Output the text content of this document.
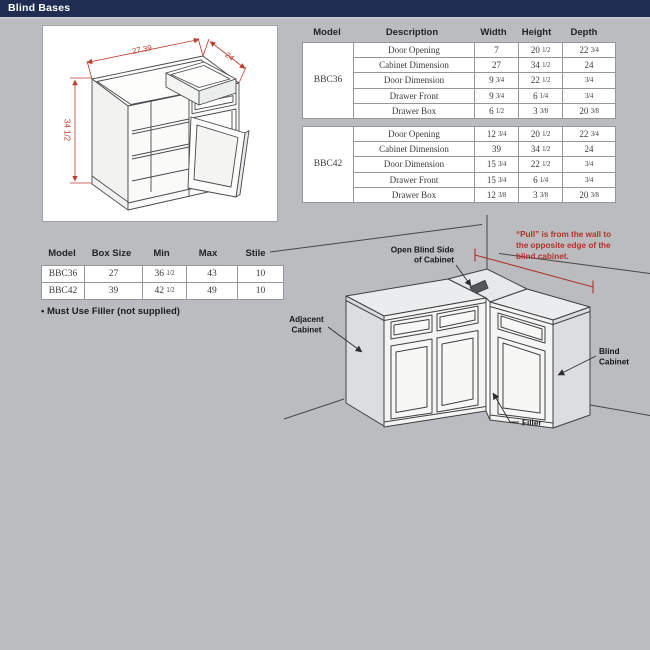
Blind Bases
27.39
24
34 1/2
Model	Description	Width	Height	Depth
BBC36	Door Opening	7	20 1/2	22 3/4
	Cabinet Dimension	27	34 1/2	24
	Door Dimension	9 3/4	22 1/2	3/4
	Drawer Front	9 3/4	6 1/4	3/4
	Drawer Box	6 1/2	3 3/8	20 3/8
BBC42	Door Opening	12 3/4	20 1/2	22 3/4
	Cabinet Dimension	39	34 1/2	24
	Door Dimension	15 3/4	22 1/2	3/4
	Drawer Front	15 3/4	6 1/4	3/4
	Drawer Box	12 3/8	3 3/8	20 3/8
Model	Box Size	Min	Max	Stile
BBC36	27	36 1/2	43	10
BBC42	39	42 1/2	49	10
• Must Use Filler (not supplied)
“Pull” is from the wall to
the opposite edge of the
blind cabinet.
Open Blind Side
of Cabinet
Adjacent
Cabinet
Blind
Cabinet
Filler
